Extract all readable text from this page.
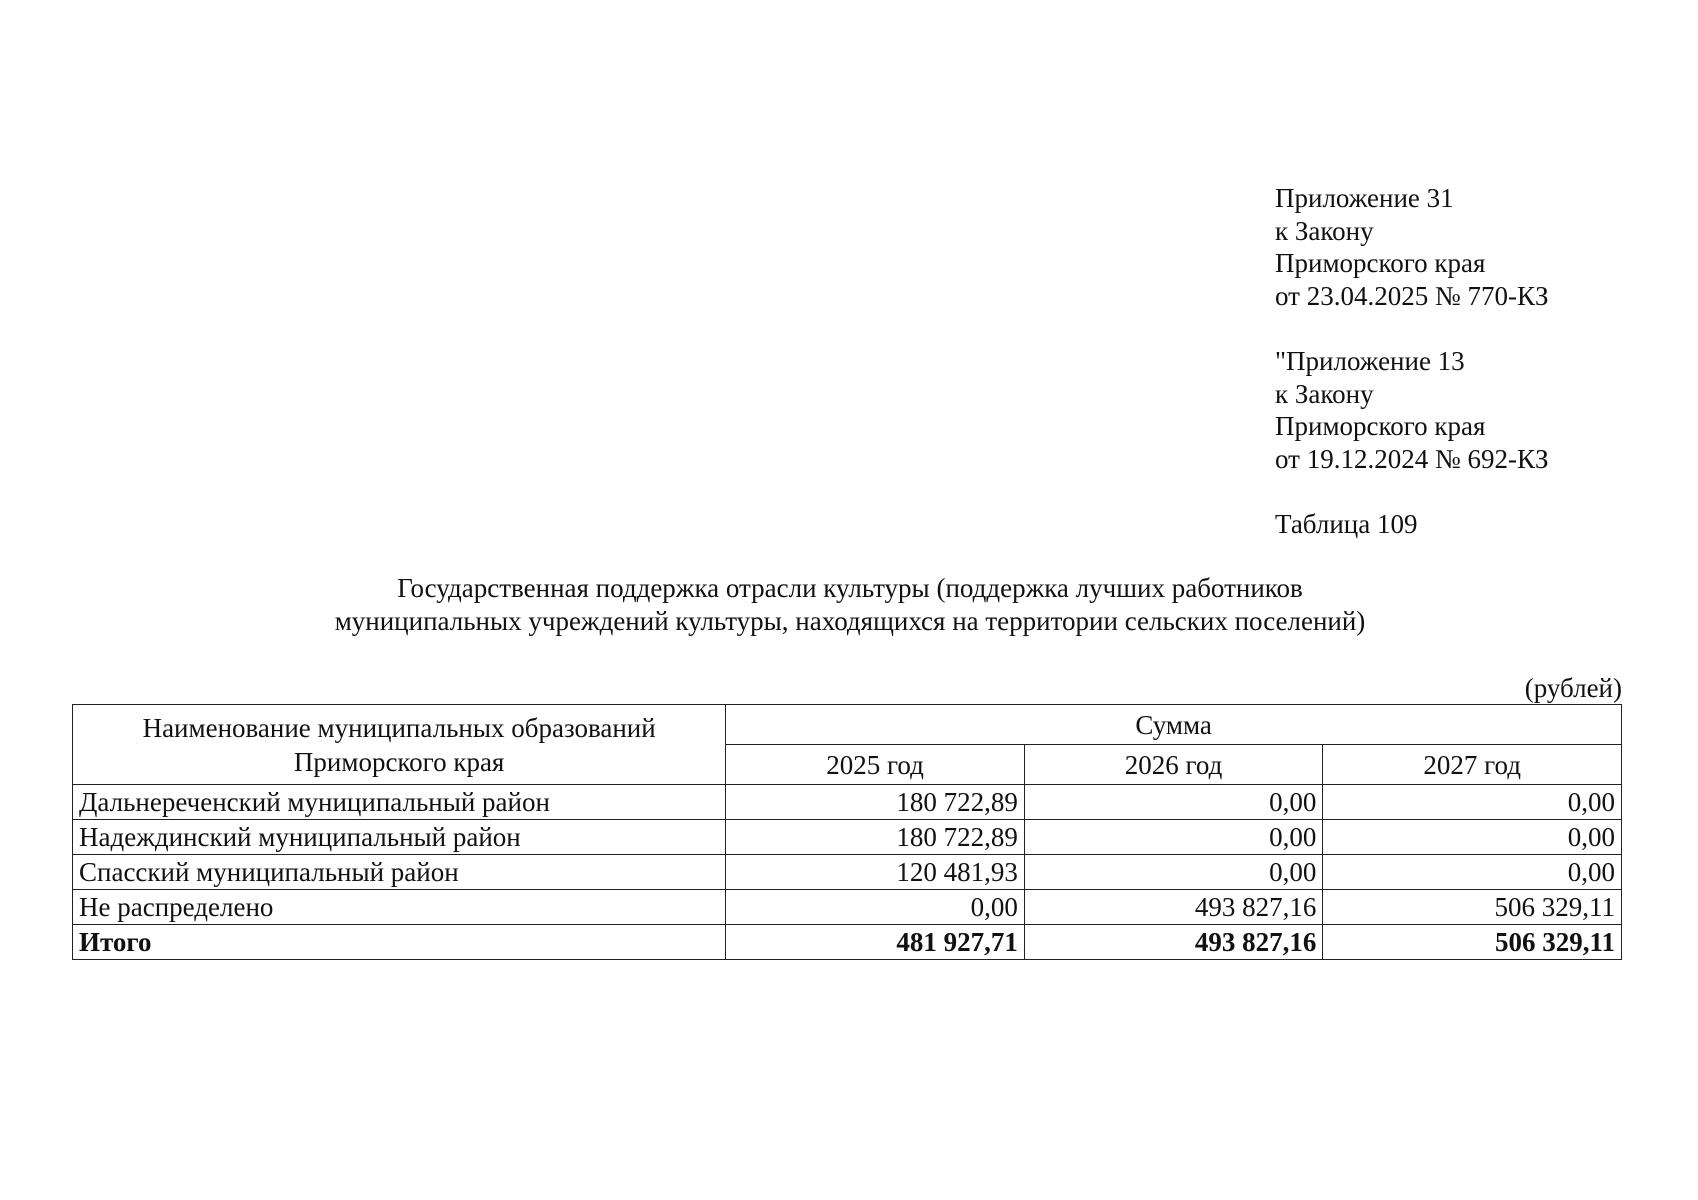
Приложение 31
к Закону
Приморского края
от 23.04.2025 № 770-КЗ
"Приложение 13
к Закону
Приморского края
от 19.12.2024 № 692-КЗ
Таблица 109
Государственная поддержка отрасли культуры (поддержка лучших работников
муниципальных учреждений культуры, находящихся на территории сельских поселений)
(рублей)
Наименование муниципальных образований
Приморского края	Сумма		
	2025 год	2026 год	2027 год
Дальнереченский муниципальный район	180 722,89	0,00	0,00
Надеждинский муниципальный район	180 722,89	0,00	0,00
Спасский муниципальный район	120 481,93	0,00	0,00
Не распределено	0,00	493 827,16	506 329,11
Итого	481 927,71	493 827,16	506 329,11
